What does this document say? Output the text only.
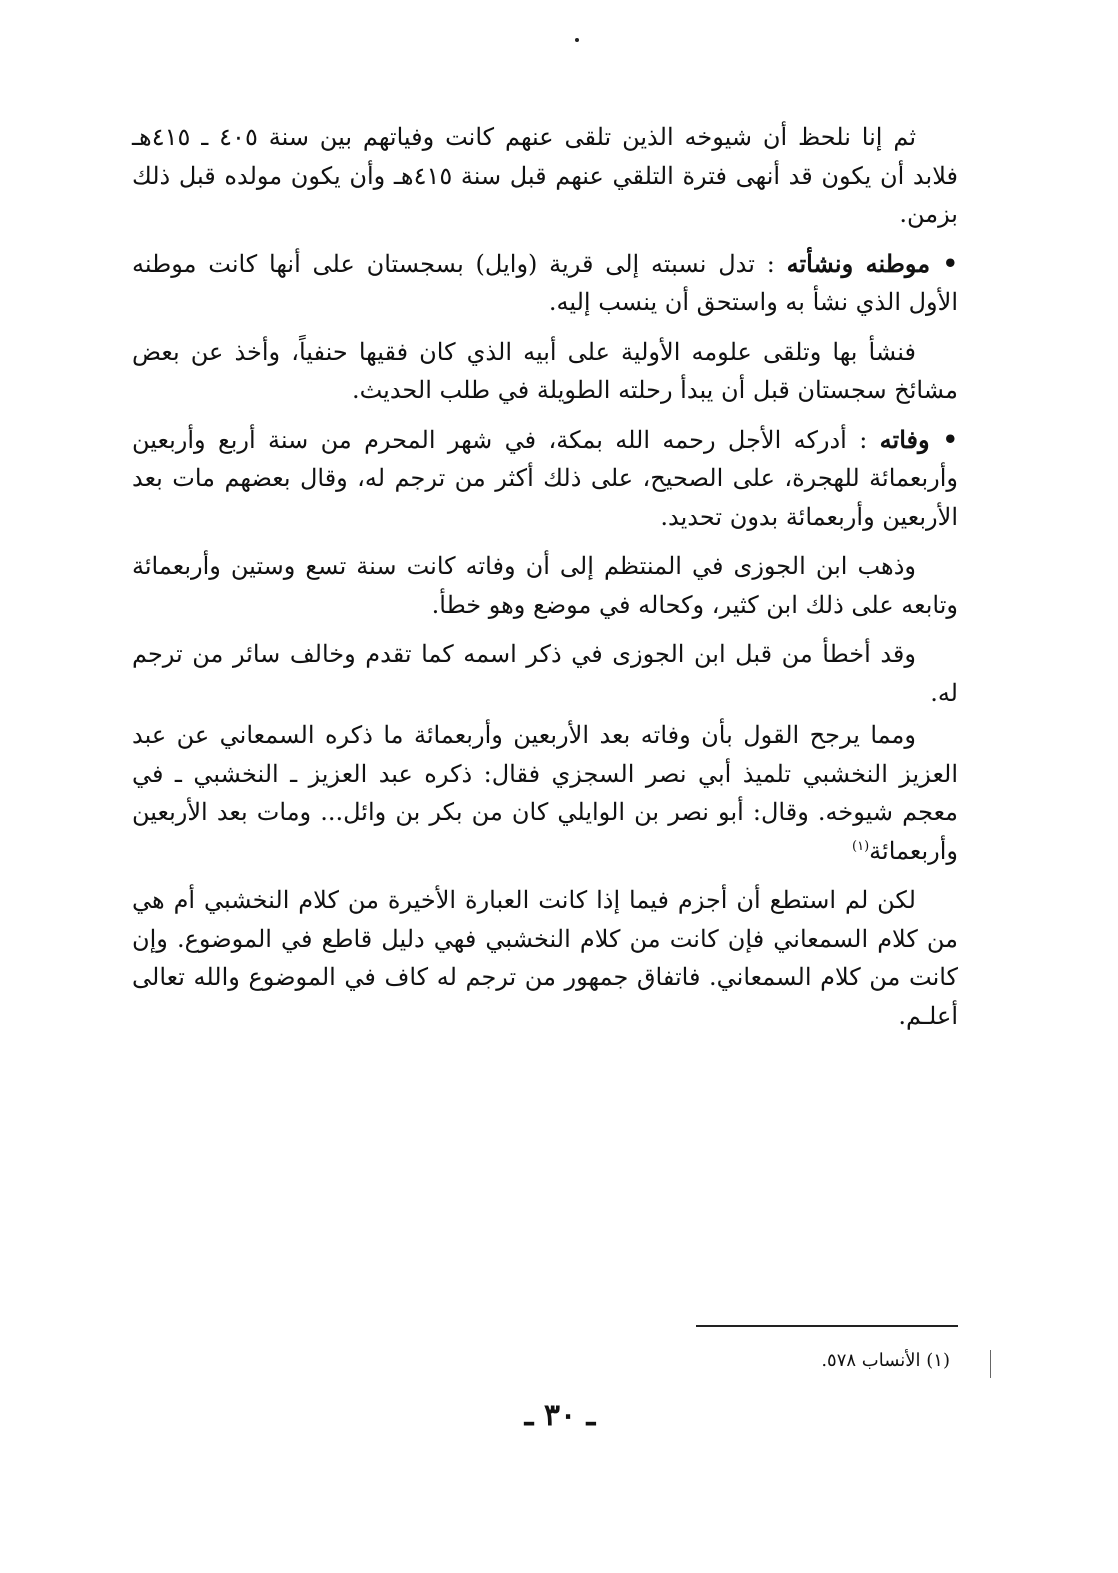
ثم إنا نلحظ أن شيوخه الذين تلقى عنهم كانت وفياتهم بين سنة ٤٠٥ ـ ٤١٥هـ فلابد أن يكون قد أنهى فترة التلقي عنهم قبل سنة ٤١٥هـ وأن يكون مولده قبل ذلك بزمن.

• موطنه ونشأته : تدل نسبته إلى قرية (وايل) بسجستان على أنها كانت موطنه الأول الذي نشأ به واستحق أن ينسب إليه.

فنشأ بها وتلقى علومه الأولية على أبيه الذي كان فقيها حنفياً، وأخذ عن بعض مشائخ سجستان قبل أن يبدأ رحلته الطويلة في طلب الحديث.

• وفاته : أدركه الأجل رحمه الله بمكة، في شهر المحرم من سنة أربع وأربعين وأربعمائة للهجرة، على الصحيح، على ذلك أكثر من ترجم له، وقال بعضهم مات بعد الأربعين وأربعمائة بدون تحديد.

وذهب ابن الجوزى في المنتظم إلى أن وفاته كانت سنة تسع وستين وأربعمائة وتابعه على ذلك ابن كثير، وكحاله في موضع وهو خطأ.

وقد أخطأ من قبل ابن الجوزى في ذكر اسمه كما تقدم وخالف سائر من ترجم له.

ومما يرجح القول بأن وفاته بعد الأربعين وأربعمائة ما ذكره السمعاني عن عبد العزيز النخشبي تلميذ أبي نصر السجزي فقال: ذكره عبد العزيز ـ النخشبي ـ في معجم شيوخه. وقال: أبو نصر بن الوايلي كان من بكر بن وائل... ومات بعد الأربعين وأربعمائة$^{(١)}$

لكن لم استطع أن أجزم فيما إذا كانت العبارة الأخيرة من كلام النخشبي أم هي من كلام السمعاني فإن كانت من كلام النخشبي فهي دليل قاطع في الموضوع. وإن كانت من كلام السمعاني. فاتفاق جمهور من ترجم له كاف في الموضوع والله تعالى أعلـم.

(١) الأنساب ٥٧٨.
ـ ٣٠ ـ
